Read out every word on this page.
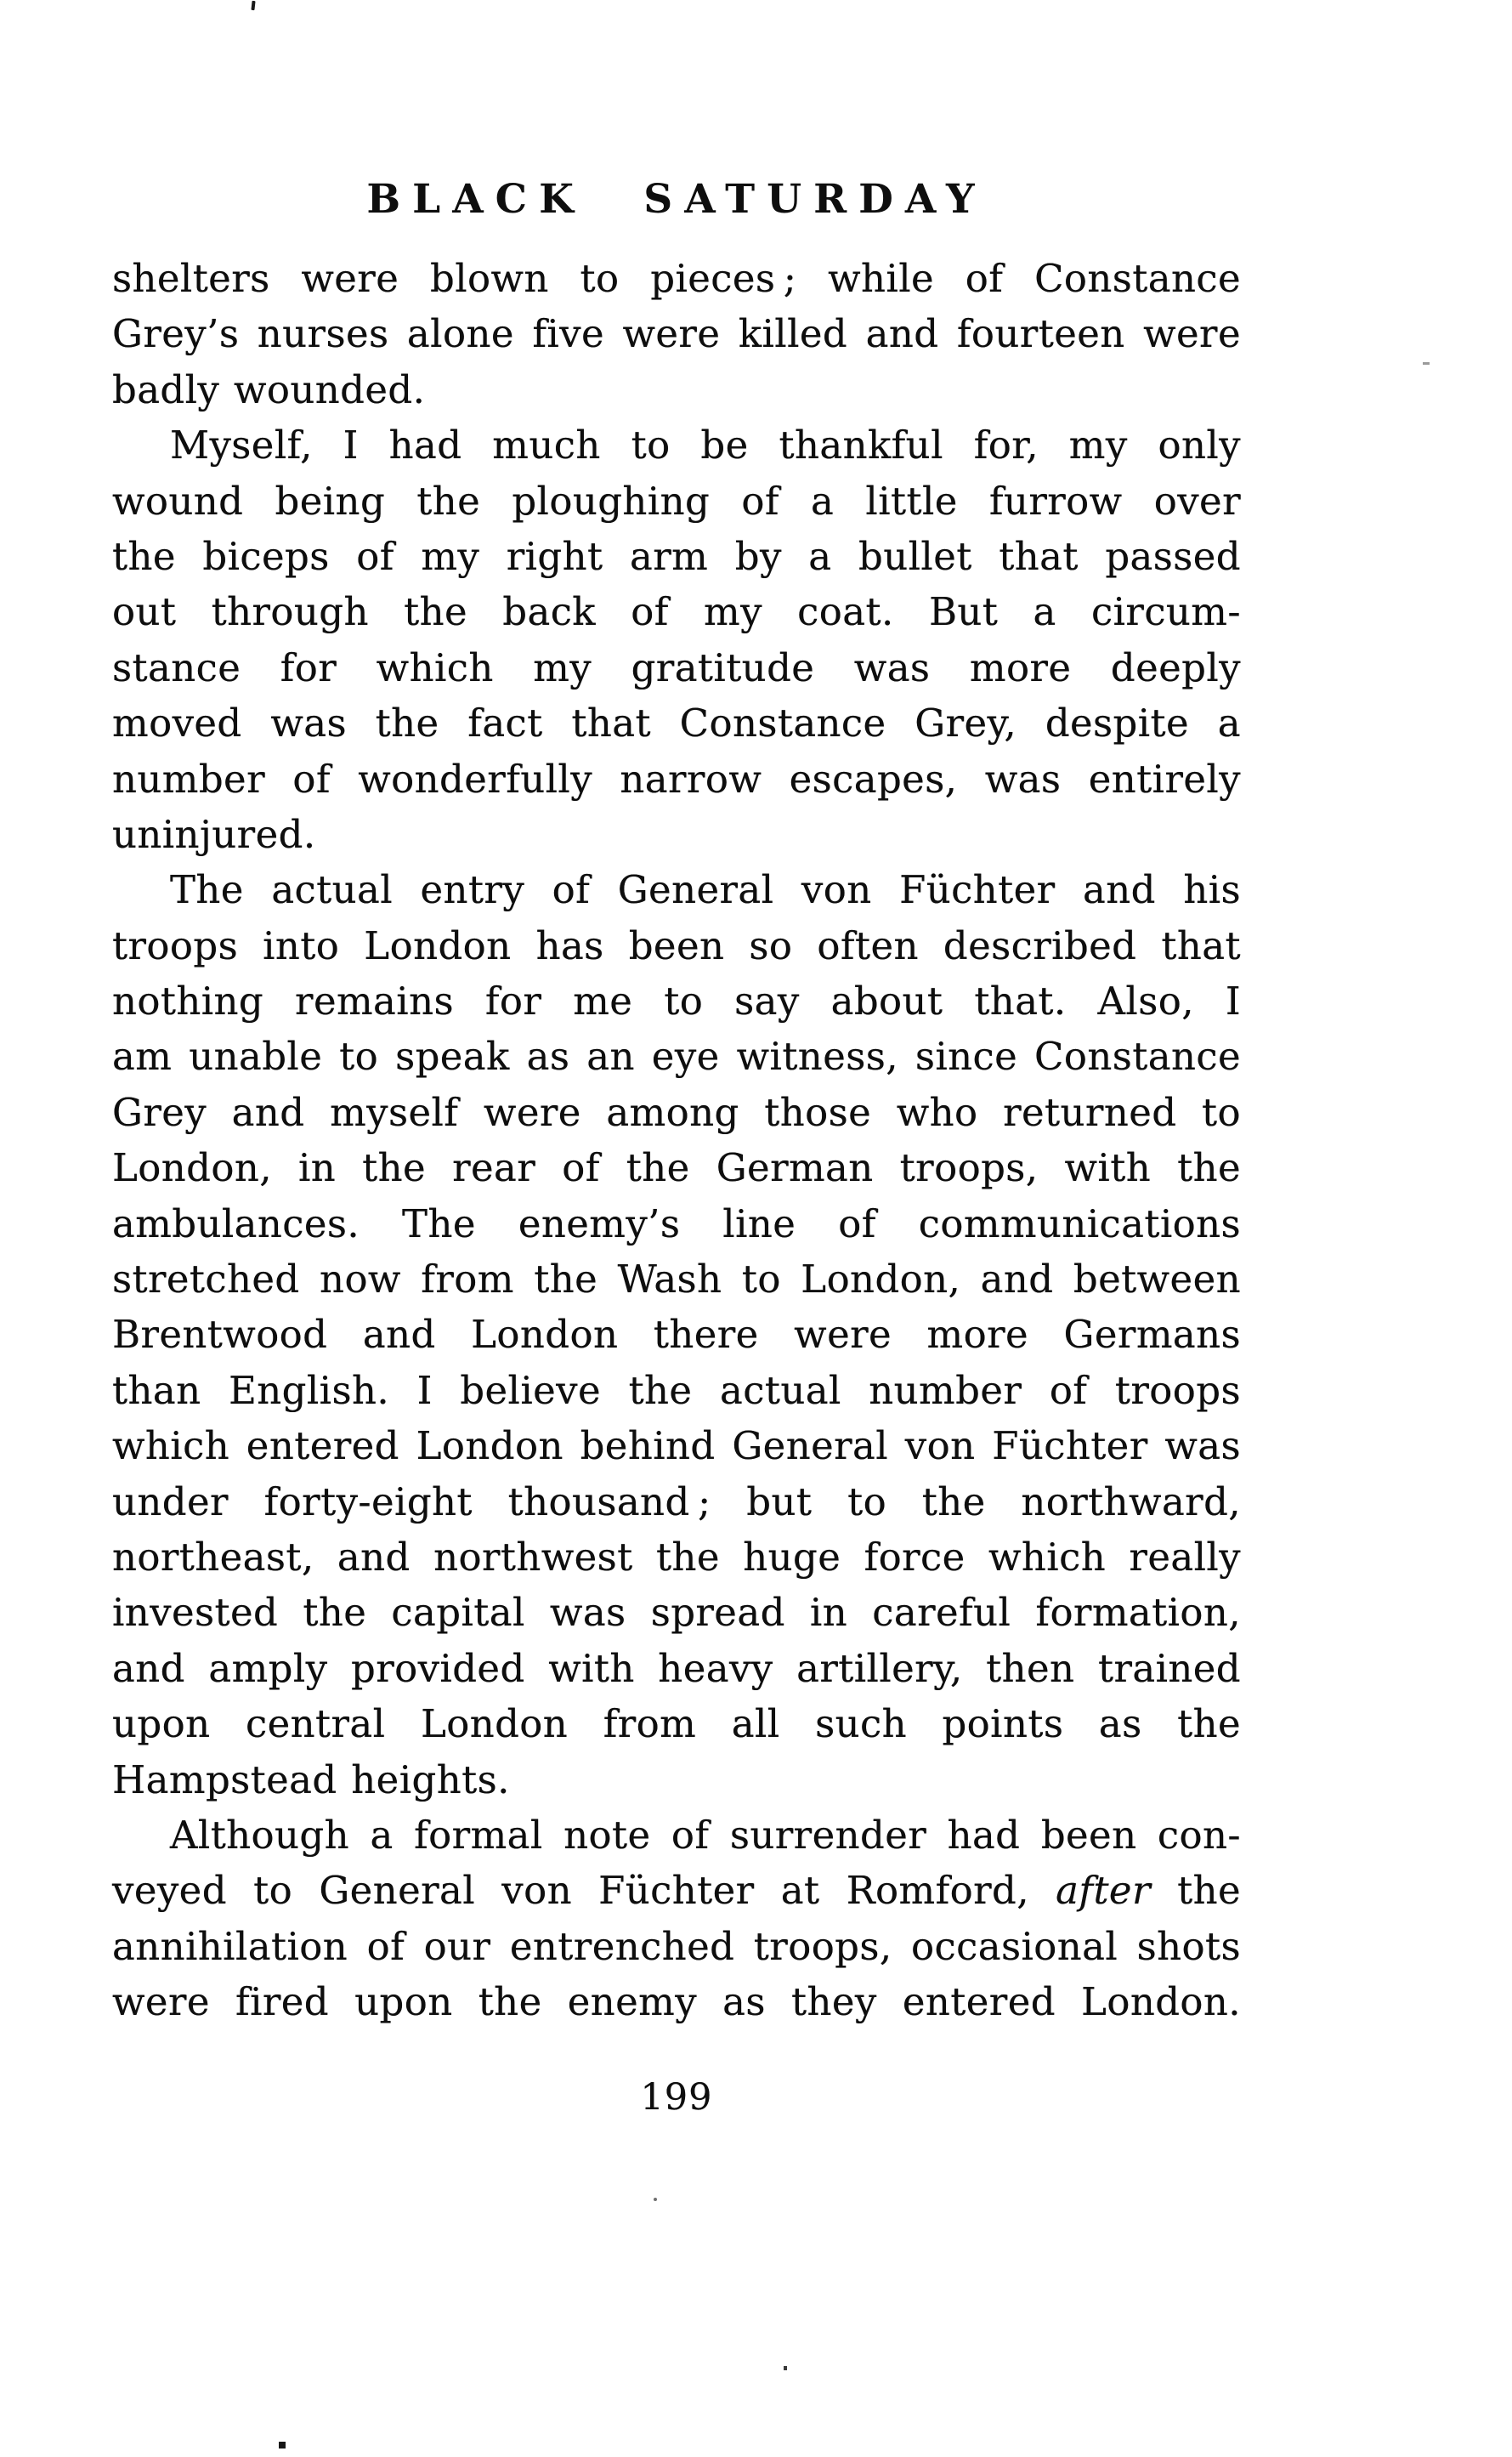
BLACK SATURDAY
shelters were blown to pieces ; while of Constance
Grey’s nurses alone five were killed and fourteen were
badly wounded.
Myself, I had much to be thankful for, my only
wound being the ploughing of a little furrow over
the biceps of my right arm by a bullet that passed
out through the back of my coat. But a circum-
stance for which my gratitude was more deeply
moved was the fact that Constance Grey, despite a
number of wonderfully narrow escapes, was entirely
uninjured.
The actual entry of General von Füchter and his
troops into London has been so often described that
nothing remains for me to say about that. Also, I
am unable to speak as an eye witness, since Constance
Grey and myself were among those who returned to
London, in the rear of the German troops, with the
ambulances. The enemy’s line of communications
stretched now from the Wash to London, and between
Brentwood and London there were more Germans
than English. I believe the actual number of troops
which entered London behind General von Füchter was
under forty-eight thousand ; but to the northward,
northeast, and northwest the huge force which really
invested the capital was spread in careful formation,
and amply provided with heavy artillery, then trained
upon central London from all such points as the
Hampstead heights.
Although a formal note of surrender had been con-
veyed to General von Füchter at Romford, after the
annihilation of our entrenched troops, occasional shots
were fired upon the enemy as they entered London.
199
